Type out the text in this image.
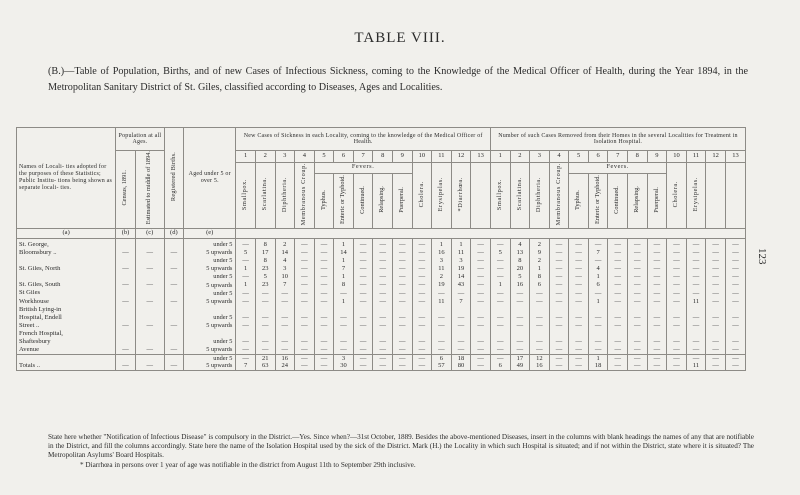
TABLE VIII.
(B.)—Table of Population, Births, and of new Cases of Infectious Sickness, coming to the Knowledge of the Medical Officer of Health, during the Year 1894, in the Metropolitan Sanitary District of St. Giles, classified according to Diseases, Ages and Localities.
123
Names of Locali- ties adopted for the purposes of these Statistics; Public Institu- tions being shown as separate locali- ties.	Population at all Ages.		Registered Births.	Aged under 5 or over 5.	New Cases of Sickness in each Locality, coming to the knowledge of the Medical Officer of Health.													Number of such Cases Removed from their Homes in the several Localities for Treatment in Isolation Hospital.												
	Census, 1891.	Estimated to middle of 1894.			1	2	3	4	5	6	7	8	9	10	11	12	13	1	2	3	4	5	6	7	8	9	10	11	12	13
					Smallpox.	Scarlatina.	Diphtheria.	Membranous Croup.	Fevers.					Cholera.	Erysipelas.	*Diarrhœa.		Smallpox.	Scarlatina.	Diphtheria.	Membranous Croup.	Fevers.					Cholera.	Erysipelas.		
									Typhus.	Enteric or Typhoid.	Continued.	Relapsing.	Puerperal.									Typhus.	Enteric or Typhoid.	Continued.	Relapsing.	Puerperal.				
(a)	(b)	(c)	(d)	(e)																										
St. George,				under 5	—	8	2	—	—	1	—	—	—	—	1	1	—	—	4	2	—	—	—	—	—	—	—	—	—	—
Bloomsbury ..	—	—	—	5 upwards	5	17	14	—	—	14	—	—	—	—	16	11	—	5	13	9	—	—	7	—	—	—	—	—	—	—
				under 5	—	8	4	—	—	1	—	—	—	—	3	3	—	—	8	2	—	—	—	—	—	—	—	—	—	—
St. Giles, North	—	—	—	5 upwards	1	23	3	—	—	7	—	—	—	—	11	19	—	—	20	1	—	—	4	—	—	—	—	—	—	—
				under 5	—	5	10	—	—	1	—	—	—	—	2	14	—	—	5	8	—	—	1	—	—	—	—	—	—	—
St. Giles, South	—	—	—	5 upwards	1	23	7	—	—	8	—	—	—	—	19	43	—	1	16	6	—	—	6	—	—	—	—	—	—	—
St Giles				under 5	—	—	—	—	—	—	—	—	—	—	—	—	—	—	—	—	—	—	—	—	—	—	—	—	—	—
Workhouse	—	—	—	5 upwards	—	—	—	—	—	1	—	—	—	—	11	7	—	—	—	—	—	—	1	—	—	—	—	11	—	—
British Lying-in																														
Hospital, Endell				under 5	—	—	—	—	—	—	—	—	—	—	—	—	—	—	—	—	—	—	—	—	—	—	—	—	—	—
Street ..	—	—	—	5 upwards	—	—	—	—	—	—	—	—	—	—	—	—	—	—	—	—	—	—	—	—	—	—	—	—	—	—
French Hospital,																														
Shaftesbury				under 5	—	—	—	—	—	—	—	—	—	—	—	—	—	—	—	—	—	—	—	—	—	—	—	—	—	—
Avenue	—	—	—	5 upwards	—	—	—	—	—	—	—	—	—	—	—	—	—	—	—	—	—	—	—	—	—	—	—	—	—	—
				under 5	—	21	16	—	—	3	—	—	—	—	6	18	—	—	17	12	—	—	1	—	—	—	—	—	—	—
Totals ..	—	—	—	5 upwards	7	63	24	—	—	30	—	—	—	—	57	80	—	6	49	16	—	—	18	—	—	—	—	11	—	—
State here whether "Notification of Infectious Disease" is compulsory in the District.—Yes. Since when?—31st October, 1889. Besides the above-mentioned Diseases, insert in the columns with blank headings the names of any that are notifiable in the District, and fill the columns accordingly. State here the name of the Isolation Hospital used by the sick of the District. Mark (H.) the Locality in which such Hospital is situated; and if not within the District, state where it is situated? The Metropolitan Asylums' Board Hospitals.
* Diarrhœa in persons over 1 year of age was notifiable in the district from August 11th to September 29th inclusive.
